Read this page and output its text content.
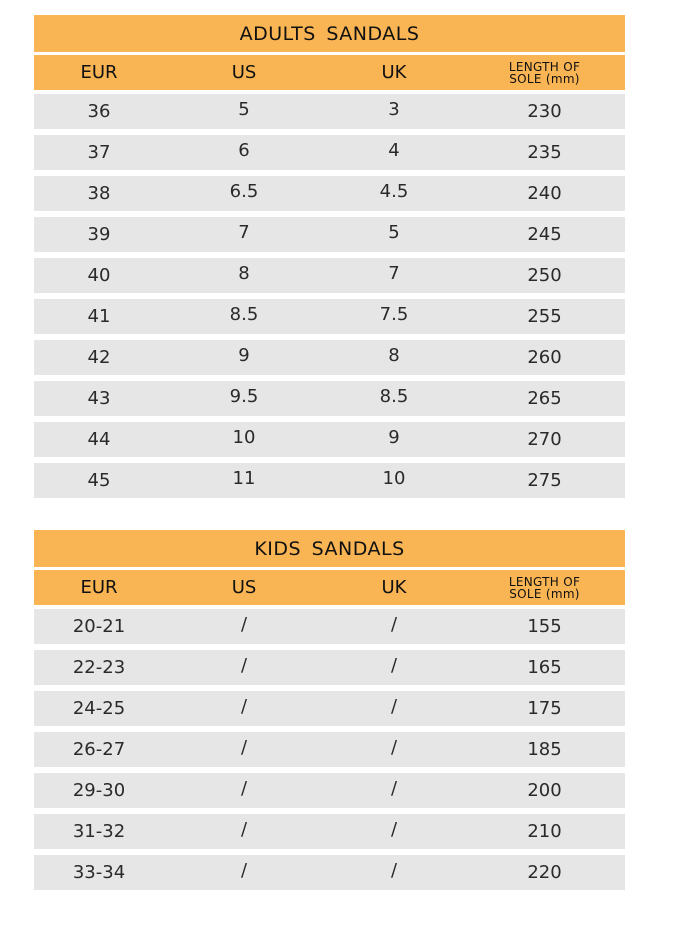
ADULTS SANDALS
EUR	US	UK	LENGTH OF
SOLE (mm)
36	5	3	230
37	6	4	235
38	6.5	4.5	240
39	7	5	245
40	8	7	250
41	8.5	7.5	255
42	9	8	260
43	9.5	8.5	265
44	10	9	270
45	11	10	275
KIDS SANDALS
EUR	US	UK	LENGTH OF
SOLE (mm)
20-21	/	/	155
22-23	/	/	165
24-25	/	/	175
26-27	/	/	185
29-30	/	/	200
31-32	/	/	210
33-34	/	/	220
